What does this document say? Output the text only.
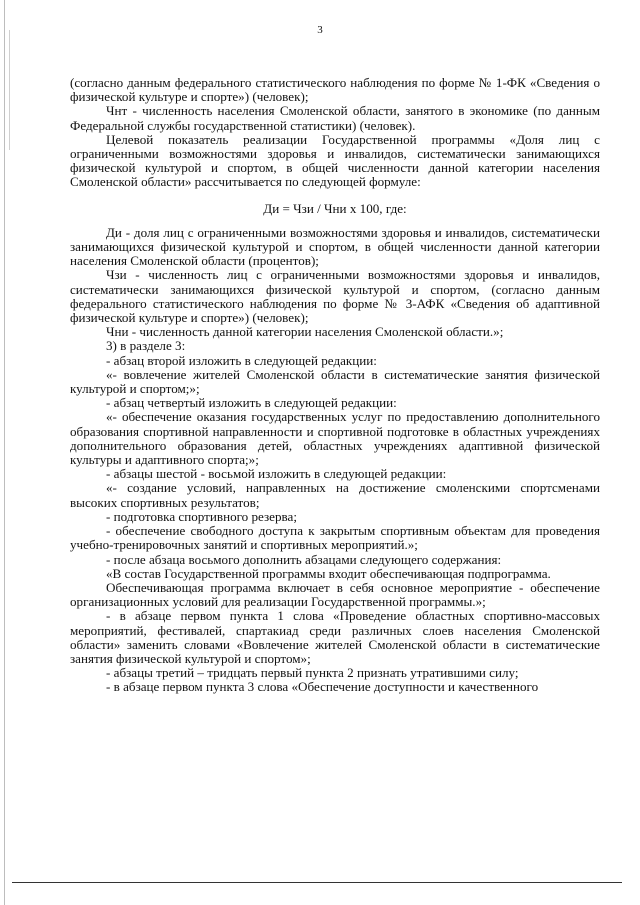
3

(согласно данным федерального статистического наблюдения по форме № 1-ФК «Сведения о физической культуре и спорте») (человек);

Чнт - численность населения Смоленской области, занятого в экономике (по данным Федеральной службы государственной статистики) (человек).

Целевой показатель реализации Государственной программы «Доля лиц с ограниченными возможностями здоровья и инвалидов, систематически занимающихся физической культурой и спортом, в общей численности данной категории населения Смоленской области» рассчитывается по следующей формуле:

Ди = Чзи / Чни х 100, где:

Ди - доля лиц с ограниченными возможностями здоровья и инвалидов, систематически занимающихся физической культурой и спортом, в общей численности данной категории населения Смоленской области (процентов);

Чзи - численность лиц с ограниченными возможностями здоровья и инвалидов, систематически занимающихся физической культурой и спортом, (согласно данным федерального статистического наблюдения по форме № 3-АФК «Сведения об адаптивной физической культуре и спорте») (человек);

Чни - численность данной категории населения Смоленской области.»;

3) в разделе 3:

- абзац второй изложить в следующей редакции:

«- вовлечение жителей Смоленской области в систематические занятия физической культурой и спортом;»;

- абзац четвертый изложить в следующей редакции:

«- обеспечение оказания государственных услуг по предоставлению дополнительного образования спортивной направленности и спортивной подготовке в областных учреждениях дополнительного образования детей, областных учреждениях адаптивной физической культуры и адаптивного спорта;»;

- абзацы шестой - восьмой изложить в следующей редакции:

«- создание условий, направленных на достижение смоленскими спортсменами высоких спортивных результатов;

- подготовка спортивного резерва;

- обеспечение свободного доступа к закрытым спортивным объектам для проведения учебно-тренировочных занятий и спортивных мероприятий.»;

- после абзаца восьмого дополнить абзацами следующего содержания:

«В состав Государственной программы входит обеспечивающая подпрограмма.

Обеспечивающая программа включает в себя основное мероприятие - обеспечение организационных условий для реализации Государственной программы.»;

- в абзаце первом пункта 1 слова «Проведение областных спортивно-массовых мероприятий, фестивалей, спартакиад среди различных слоев населения Смоленской области» заменить словами «Вовлечение жителей Смоленской области в систематические занятия физической культурой и спортом»;

- абзацы третий – тридцать первый пункта 2 признать утратившими силу;

- в абзаце первом пункта 3 слова «Обеспечение доступности и качественного
